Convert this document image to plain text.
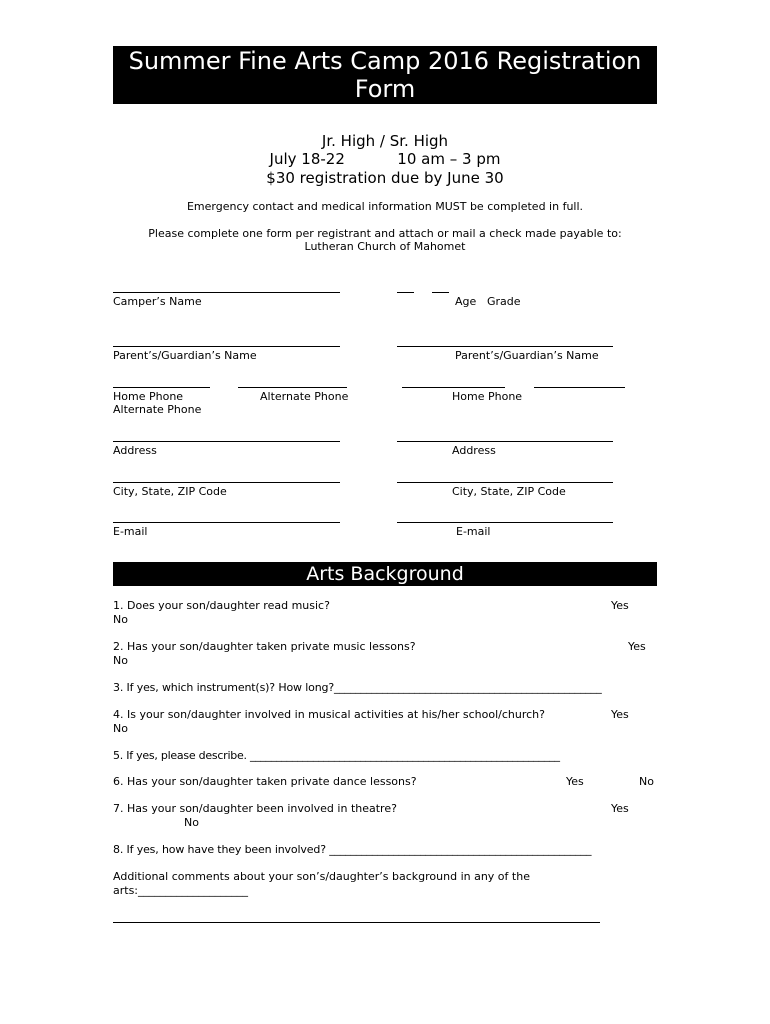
Summer Fine Arts Camp 2016 Registration Form
Jr. High / Sr. High
July 18-22           10 am – 3 pm
$30 registration due by June 30
Emergency contact and medical information MUST be completed in full.
Please complete one form per registrant and attach or mail a check made payable to:
Lutheran Church of Mahomet
Camper’s Name	Age Grade
Parent’s/Guardian’s Name	Parent’s/Guardian’s Name
Home Phone	Alternate Phone	Home Phone
Alternate Phone
Address	Address
City, State, ZIP Code	City, State, ZIP Code
E-mail	E-mail
Arts Background
1. Does your son/daughter read music?	Yes
No
2. Has your son/daughter taken private music lessons?	Yes
No
3. If yes, which instrument(s)? How long?__________________________________________________
4. Is your son/daughter involved in musical activities at his/her school/church?	Yes
No
5. If yes, please describe. ___________________________________________________________
6. Has your son/daughter taken private dance lessons?	Yes	No
7. Has your son/daughter been involved in theatre?	Yes
No
8. If yes, how have they been involved? _________________________________________________
Additional comments about your son’s/daughter’s background in any of the
arts:____________________
